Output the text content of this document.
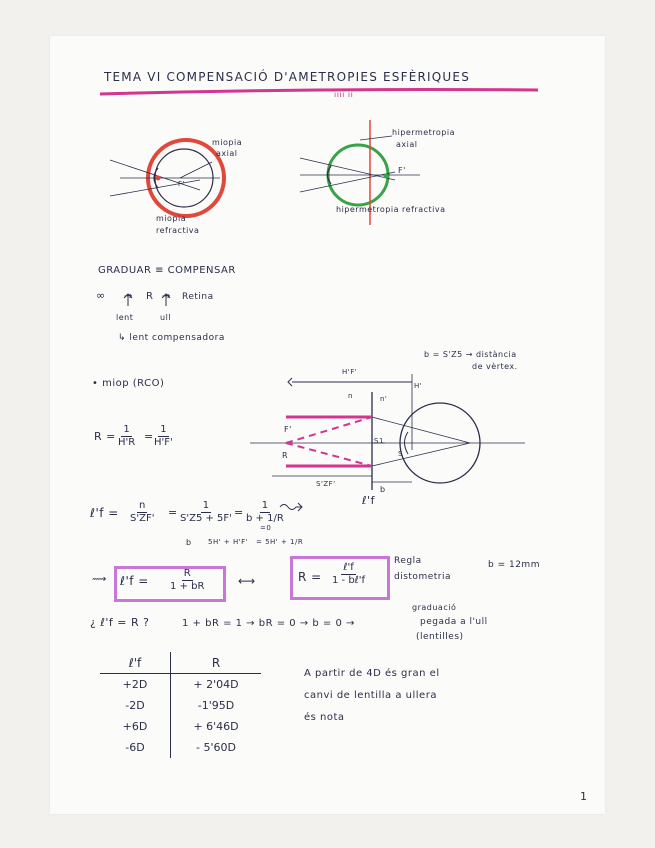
TEMA VI COMPENSACIÓ D'AMETROPIES ESFÈRIQUES
ıııı ıı
miopia
axial
miopia
refractiva
F'
hipermetropia
axial
hipermetropia refractiva
F'
GRADUAR ≡ COMPENSAR
∞ → R → Retina
lent	ull
↳ lent compensadora
b = S'Z5 → distància
de vèrtex.
• miop (RCO)
H'F'
H'
n	n'
F'
R
S1
S
S'ZF'
b
ℓ'f
$R = \frac{1}{H'R}$ =
$\frac{1}{H'F'}$
ℓ'f = $\frac{n}{S'ZF'} = \frac{1}{S'Z5 + 5F'} = \frac{1}{b + 1/R}$
b 5H' + H'F' = 5H' + 1/R
=0
⟿ ℓ'f = $\frac{R}{1 + bR}$	⟷	R =
ℓ'f
1 - bℓ'f
Regla
distometria
b = 12mm
¿ ℓ'f = R ?	1 + bR = 1 → bR = 0 → b = 0 →
graduació
pegada a l'ull
(lentilles)
ℓ'f	R
+2D	+ 2'04D
-2D	-1'95D
+6D	+ 6'46D
-6D	- 5'60D
A partir de 4D és gran el
canvi de lentilla a ullera
és nota
1
